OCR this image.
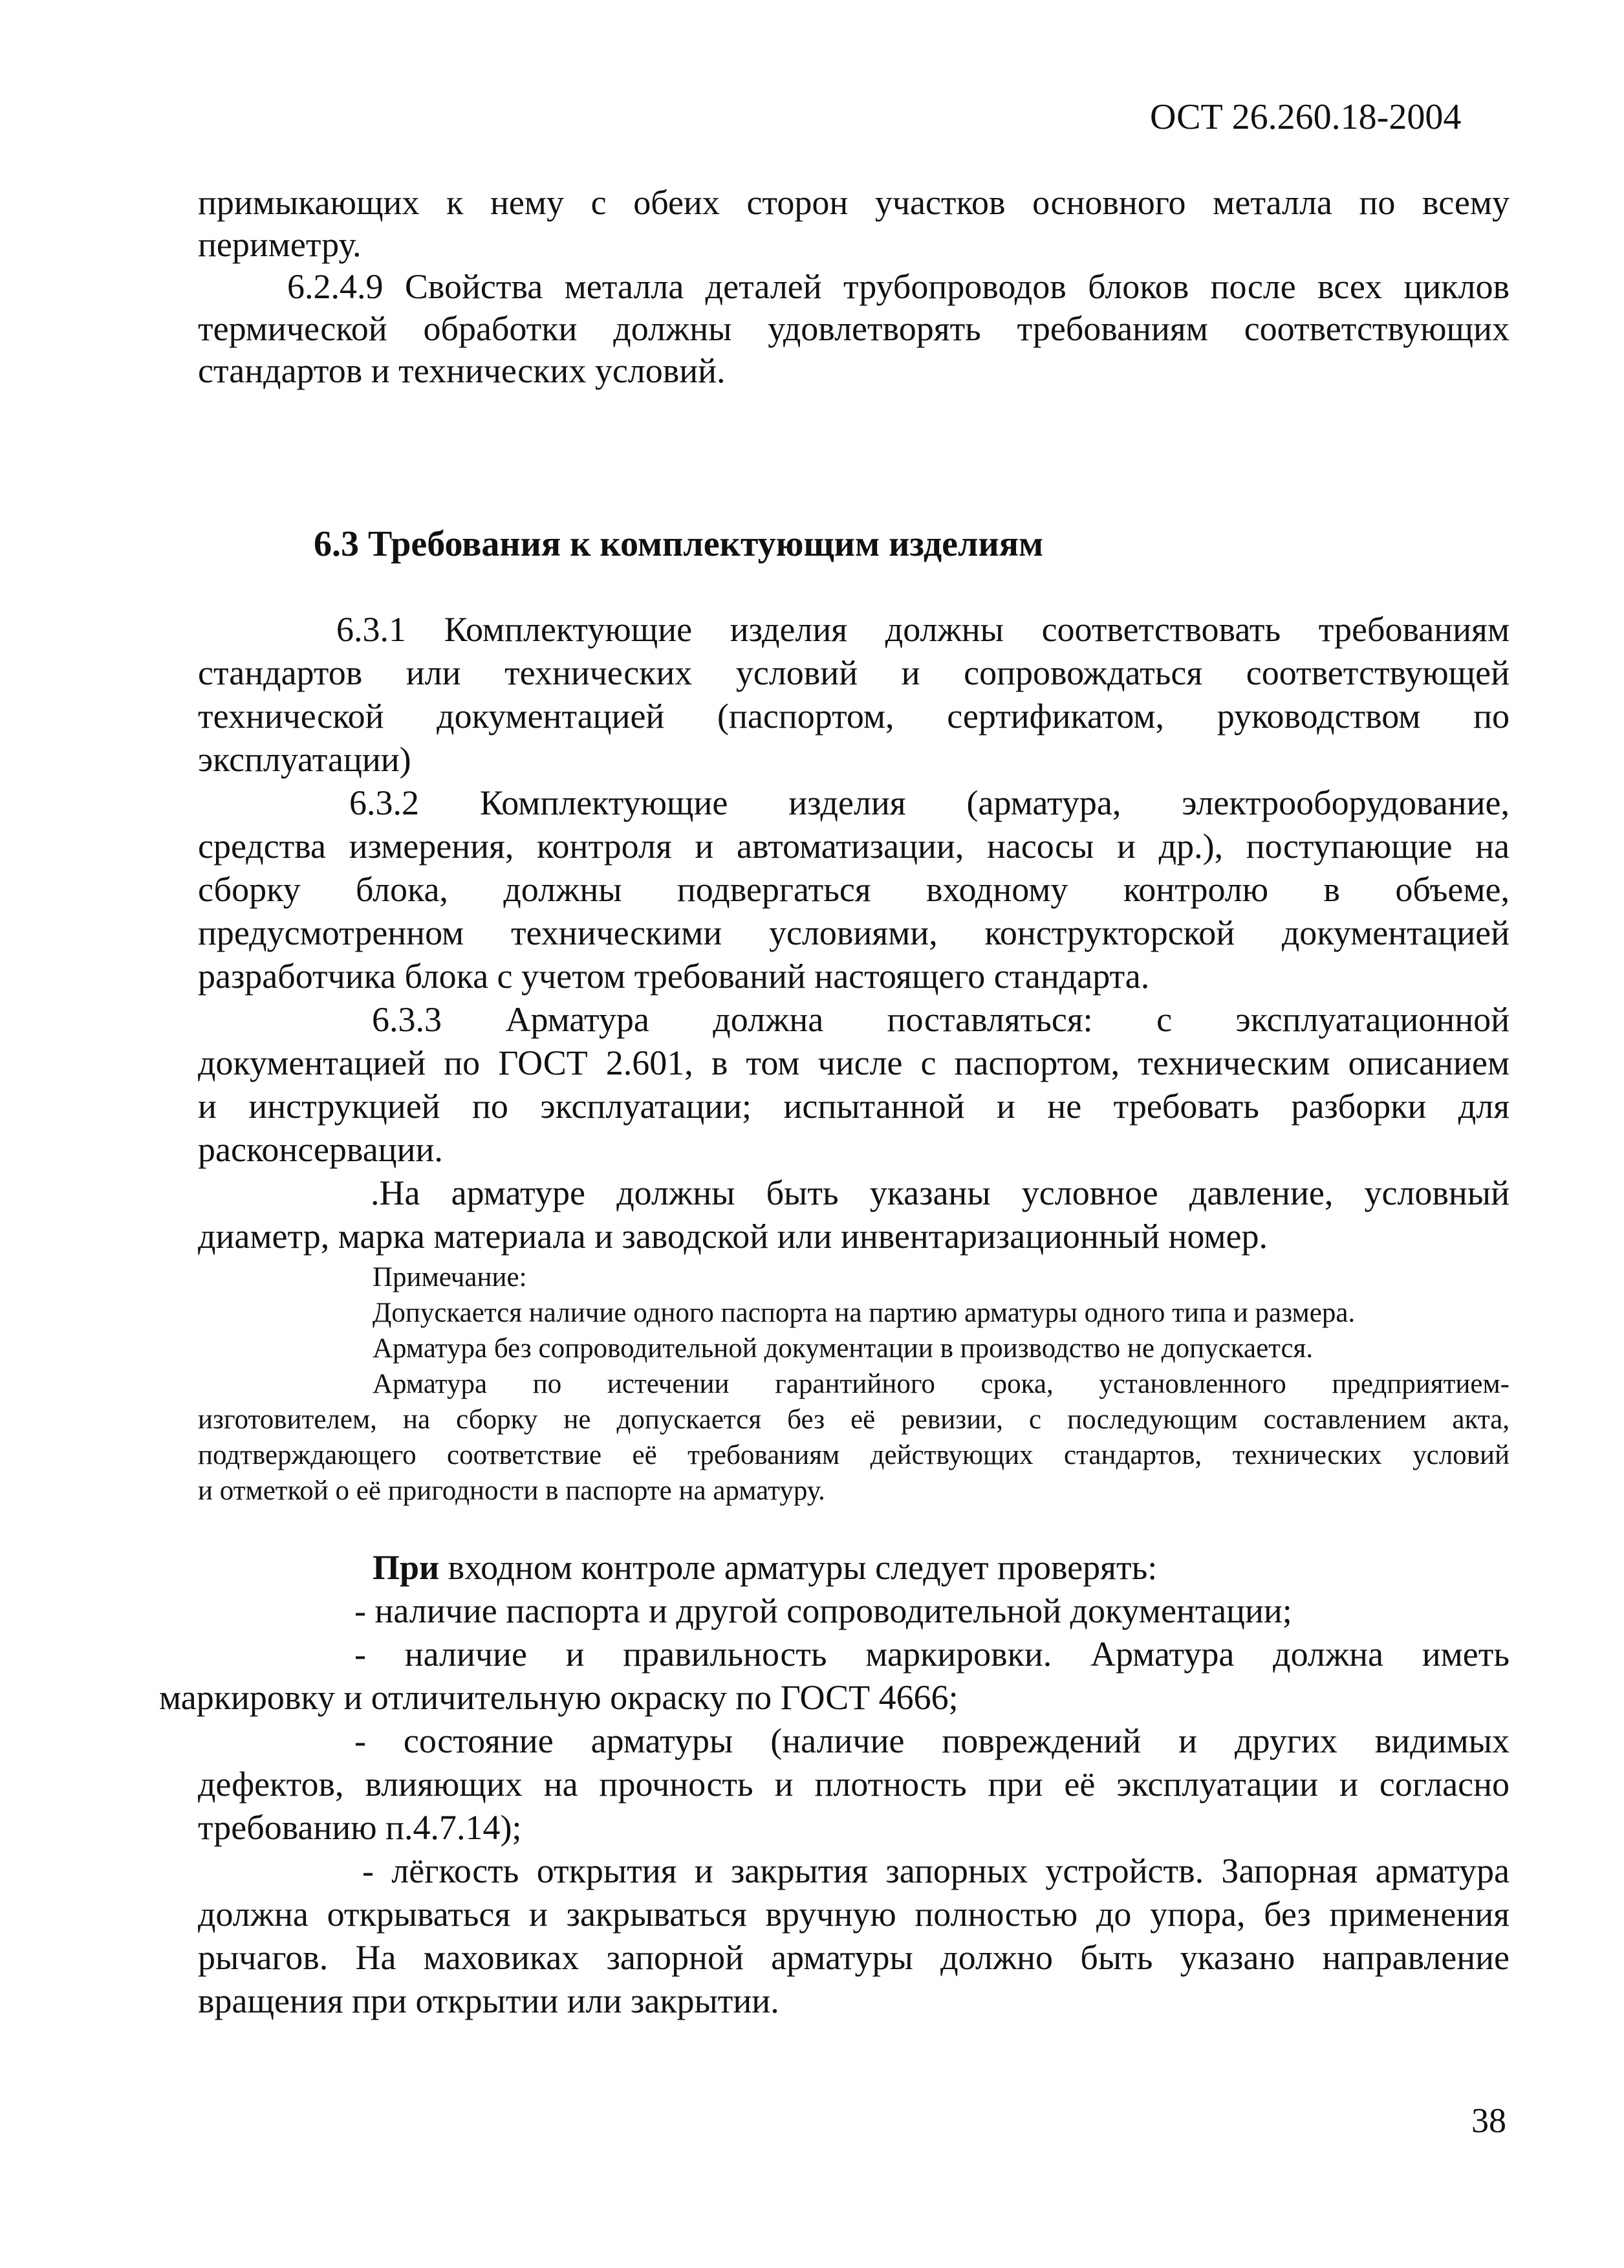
ОСТ 26.260.18-2004
примыкающих к нему с обеих сторон участков основного металла по всему
периметру.
6.2.4.9 Свойства металла деталей трубопроводов блоков после всех циклов
термической обработки должны удовлетворять требованиям соответствующих
стандартов и технических условий.
6.3 Требования к комплектующим изделиям
6.3.1 Комплектующие изделия должны соответствовать требованиям
стандартов или технических условий и сопровождаться соответствующей
технической документацией (паспортом, сертификатом, руководством по
эксплуатации)
6.3.2 Комплектующие изделия (арматура, электрооборудование,
средства измерения, контроля и автоматизации, насосы и др.), поступающие на
сборку блока, должны подвергаться входному контролю в объеме,
предусмотренном техническими условиями, конструкторской документацией
разработчика блока с учетом требований настоящего стандарта.
6.3.3 Арматура должна поставляться: с эксплуатационной
документацией по ГОСТ 2.601, в том числе с паспортом, техническим описанием
и инструкцией по эксплуатации; испытанной и не требовать разборки для
расконсервации.
.На арматуре должны быть указаны условное давление, условный
диаметр, марка материала и заводской или инвентаризационный номер.
Примечание:
Допускается наличие одного паспорта на партию арматуры одного типа и размера.
Арматура без сопроводительной документации в производство не допускается.
Арматура по истечении гарантийного срока, установленного предприятием-
изготовителем, на сборку не допускается без её ревизии, с последующим составлением акта,
подтверждающего соответствие её требованиям действующих стандартов, технических условий
и отметкой о её пригодности в паспорте на арматуру.
При входном контроле арматуры следует проверять:
- наличие паспорта и другой сопроводительной документации;
- наличие и правильность маркировки. Арматура должна иметь
маркировку и отличительную окраску по ГОСТ 4666;
- состояние арматуры (наличие повреждений и других видимых
дефектов, влияющих на прочность и плотность при её эксплуатации и согласно
требованию п.4.7.14);
- лёгкость открытия и закрытия запорных устройств. Запорная арматура
должна открываться и закрываться вручную полностью до упора, без применения
рычагов. На маховиках запорной арматуры должно быть указано направление
вращения при открытии или закрытии.
38
